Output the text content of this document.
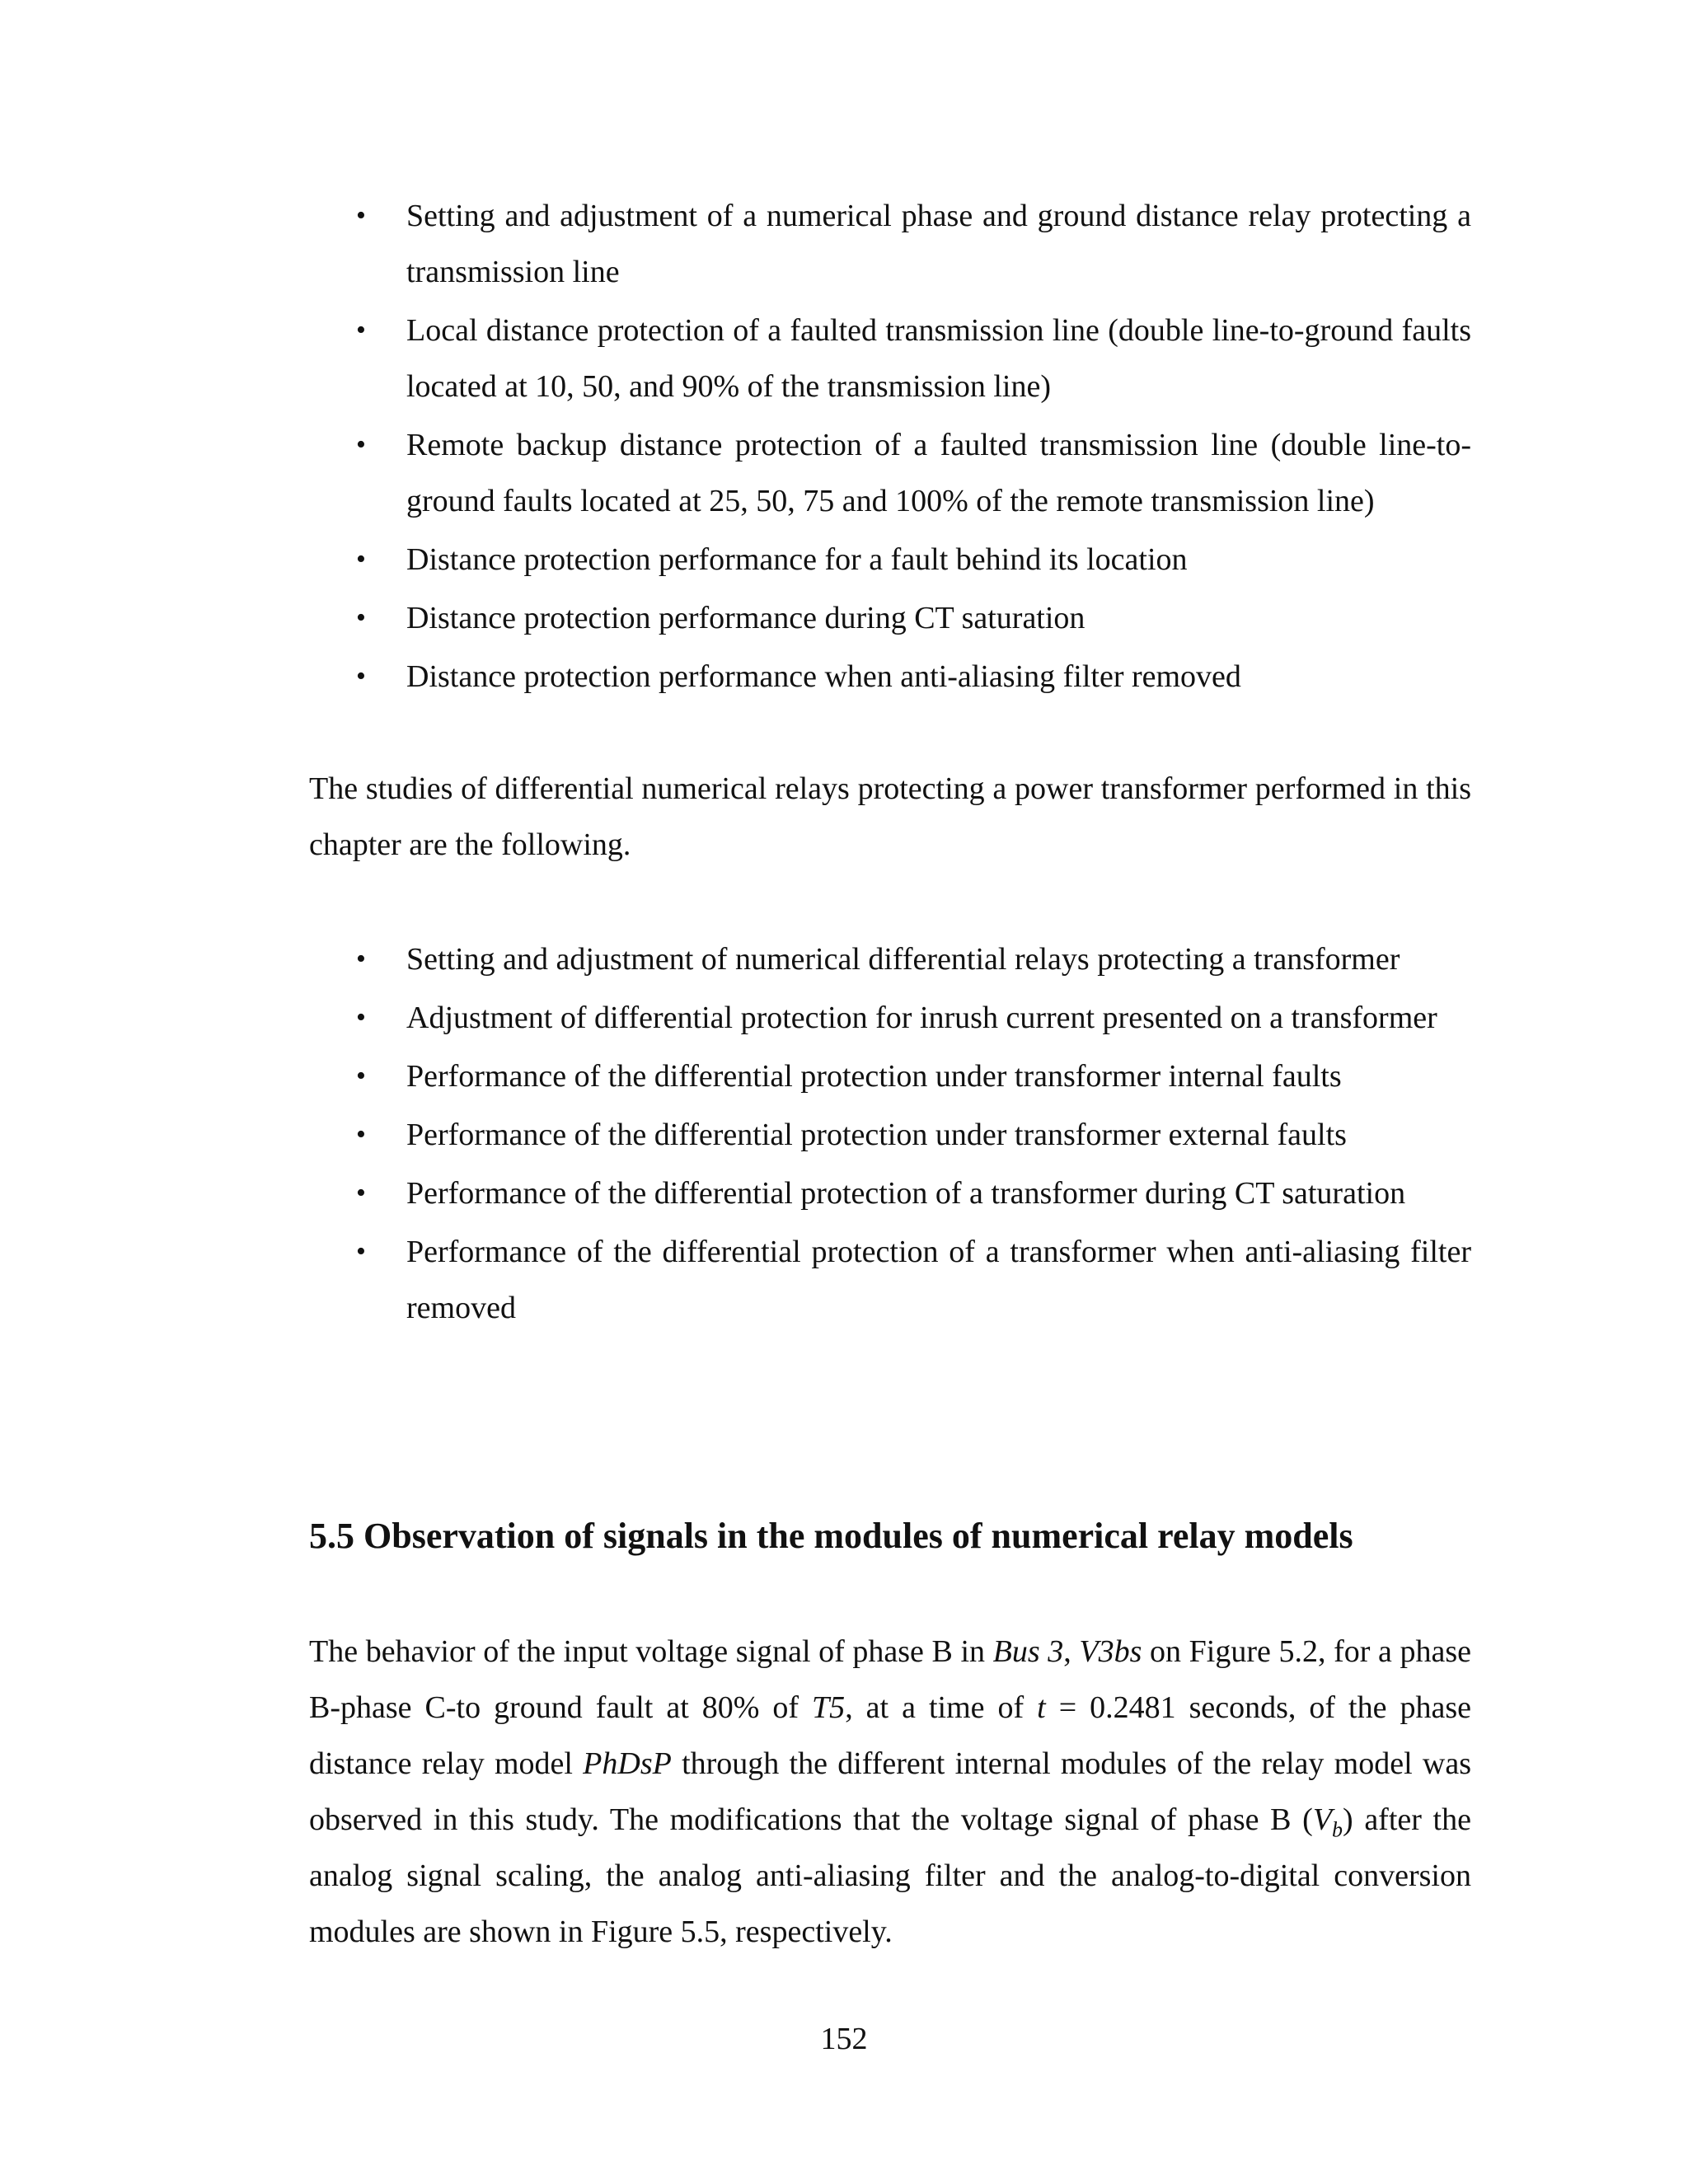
• Setting and adjustment of a numerical phase and ground distance relay protecting a transmission line
• Local distance protection of a faulted transmission line (double line-to-ground faults located at 10, 50, and 90% of the transmission line)
• Remote backup distance protection of a faulted transmission line (double line-to-ground faults located at 25, 50, 75 and 100% of the remote transmission line)
• Distance protection performance for a fault behind its location
• Distance protection performance during CT saturation
• Distance protection performance when anti-aliasing filter removed

The studies of differential numerical relays protecting a power transformer performed in this chapter are the following.

• Setting and adjustment of numerical differential relays protecting a transformer
• Adjustment of differential protection for inrush current presented on a transformer
• Performance of the differential protection under transformer internal faults
• Performance of the differential protection under transformer external faults
• Performance of the differential protection of a transformer during CT saturation
• Performance of the differential protection of a transformer when anti-aliasing filter removed
5.5 Observation of signals in the modules of numerical relay models

The behavior of the input voltage signal of phase B in Bus 3, V3bs on Figure 5.2, for a phase B-phase C-to ground fault at 80% of T5, at a time of t = 0.2481 seconds, of the phase distance relay model PhDsP through the different internal modules of the relay model was observed in this study. The modifications that the voltage signal of phase B $(V_b)$ after the analog signal scaling, the analog anti-aliasing filter and the analog-to-digital conversion modules are shown in Figure 5.5, respectively.

152
